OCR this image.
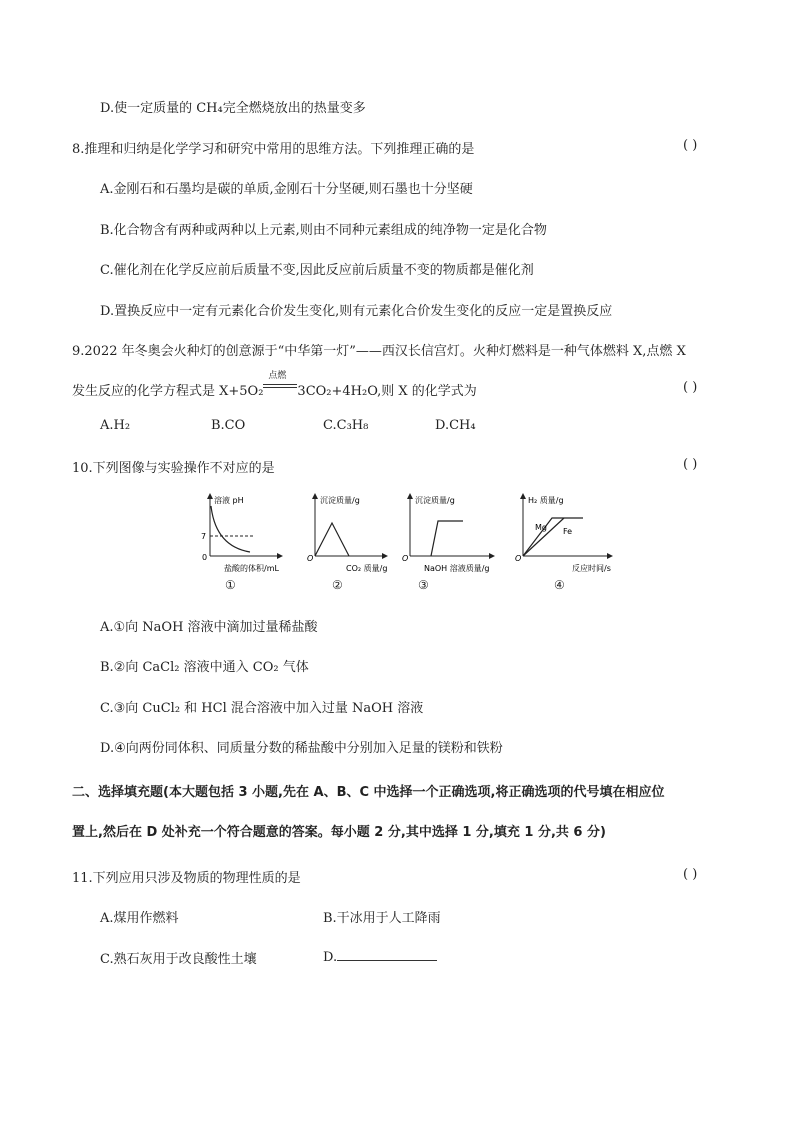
D.使一定质量的 CH₄完全燃烧放出的热量变多
8.推理和归纳是化学学习和研究中常用的思维方法。下列推理正确的是	( )
A.金刚石和石墨均是碳的单质,金刚石十分坚硬,则石墨也十分坚硬
B.化合物含有两种或两种以上元素,则由不同种元素组成的纯净物一定是化合物
C.催化剂在化学反应前后质量不变,因此反应前后质量不变的物质都是催化剂
D.置换反应中一定有元素化合价发生变化,则有元素化合价发生变化的反应一定是置换反应
9.2022 年冬奥会火种灯的创意源于“中华第一灯”——西汉长信宫灯。火种灯燃料是一种气体燃料 X,点燃 X
发生反应的化学方程式是 X+5O₂
点燃
3CO₂+4H₂O,则 X 的化学式为	( )
A.H₂	B.CO	C.C₃H₈	D.CH₄
10.下列图像与实验操作不对应的是	( )
溶液 pH
7
0
盐酸的体积/mL
沉淀质量/g
O
CO₂ 质量/g
沉淀质量/g
O
NaOH 溶液质量/g
H₂ 质量/g
Mg Fe
O
反应时间/s
①	②	③	④
A.①向 NaOH 溶液中滴加过量稀盐酸
B.②向 CaCl₂ 溶液中通入 CO₂ 气体
C.③向 CuCl₂ 和 HCl 混合溶液中加入过量 NaOH 溶液
D.④向两份同体积、同质量分数的稀盐酸中分别加入足量的镁粉和铁粉
二、选择填充题(本大题包括 3 小题,先在 A、B、C 中选择一个正确选项,将正确选项的代号填在相应位
置上,然后在 D 处补充一个符合题意的答案。每小题 2 分,其中选择 1 分,填充 1 分,共 6 分)
11.下列应用只涉及物质的物理性质的是	( )
A.煤用作燃料	B.干冰用于人工降雨
C.熟石灰用于改良酸性土壤	D.
